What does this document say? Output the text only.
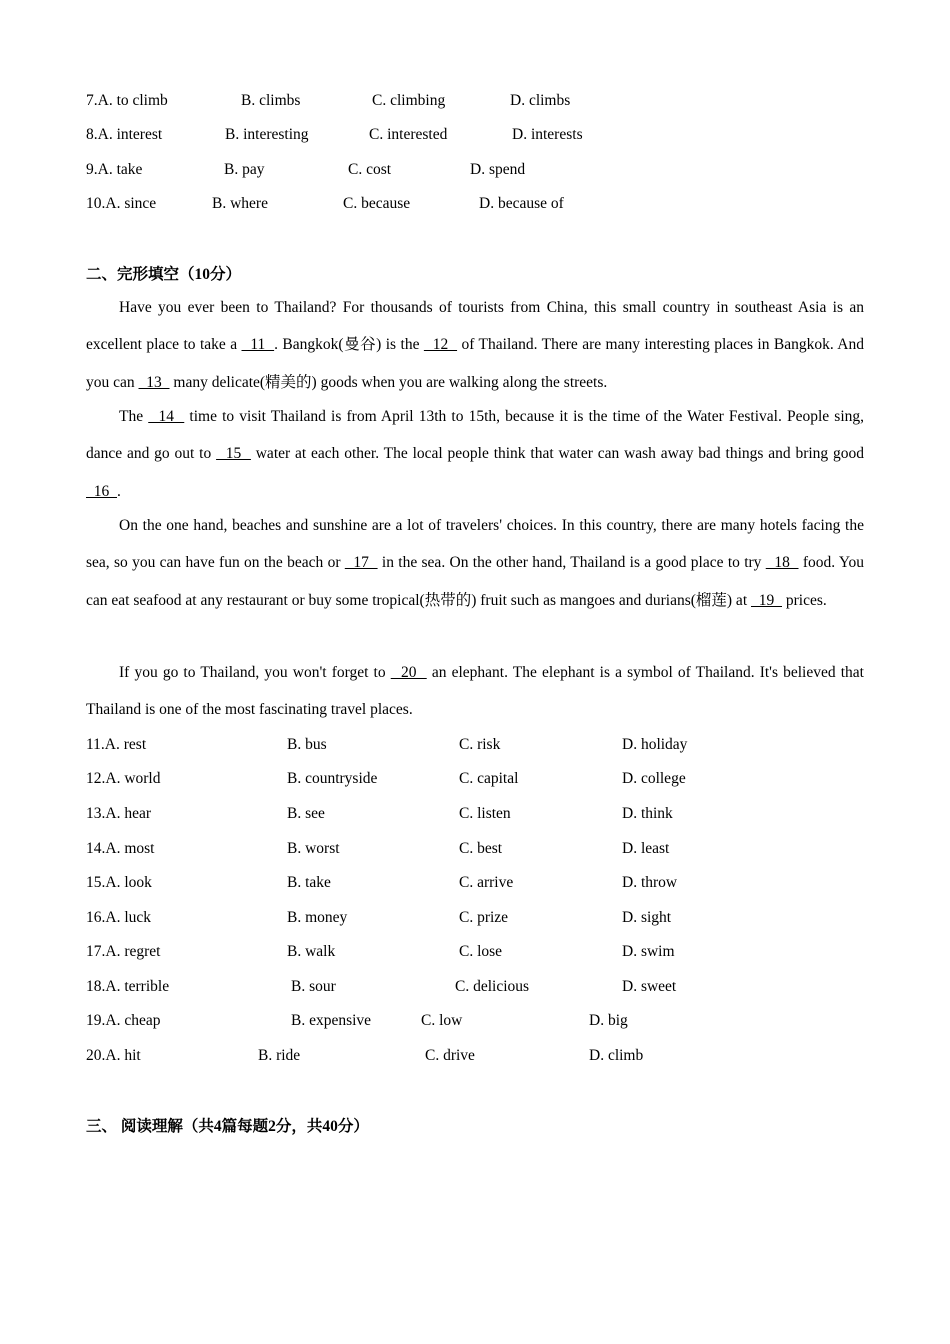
7.A. to climb	B. climbs	C. climbing	D. climbs
8.A. interest	B. interesting	C. interested	D. interests
9.A. take	B. pay	C. cost	D. spend
10.A. since	B. where	C. because	D. because of
二、完形填空（10分）
Have you ever been to Thailand? For thousands of tourists from China, this small country in southeast Asia is an excellent place to take a   11  . Bangkok(曼谷) is the   12   of Thailand. There are many interesting places in Bangkok. And you can   13   many delicate(精美的) goods when you are walking along the streets.
The   14   time to visit Thailand is from April 13th to 15th, because it is the time of the Water Festival. People sing, dance and go out to   15   water at each other. The local people think that water can wash away bad things and bring good   16  .
On the one hand, beaches and sunshine are a lot of travelers' choices. In this country, there are many hotels facing the sea, so you can have fun on the beach or   17   in the sea. On the other hand, Thailand is a good place to try   18   food. You can eat seafood at any restaurant or buy some tropical(热带的) fruit such as mangoes and durians(榴莲) at   19   prices.
If you go to Thailand, you won't forget to   20   an elephant. The elephant is a symbol of Thailand. It's believed that Thailand is one of the most fascinating travel places.
11.A. rest	B. bus	C. risk	D. holiday
12.A. world	B. countryside	C. capital	D. college
13.A. hear	B. see	C. listen	D. think
14.A. most	B. worst	C. best	D. least
15.A. look	B. take	C. arrive	D. throw
16.A. luck	B. money	C. prize	D. sight
17.A. regret	B. walk	C. lose	D. swim
18.A. terrible	B. sour	C. delicious	D. sweet
19.A. cheap	B. expensive	C. low	D. big
20.A. hit	B. ride	C. drive	D. climb
三、 阅读理解（共4篇每题2分，共40分）
